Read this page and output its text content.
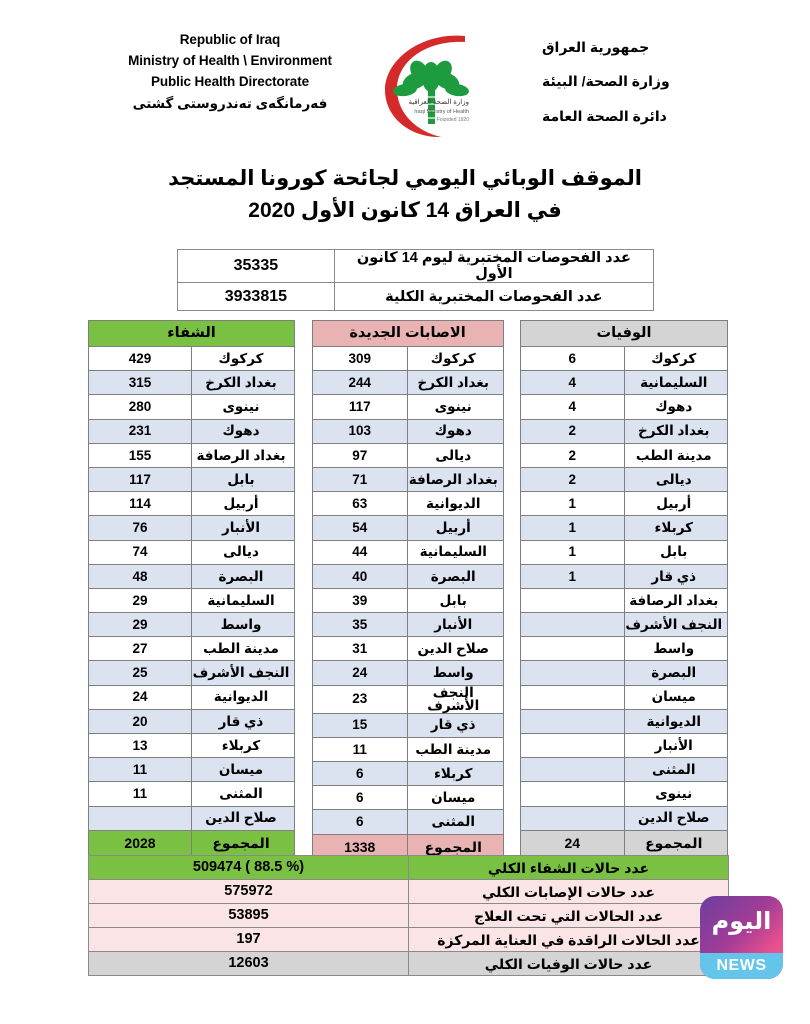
جمهورية العراق
وزارة الصحة/ البيئة
دائرة الصحة العامة
وزارة الصحة العراقية
Iraqi Ministry of Health
Founded 1920
Republic of Iraq
Ministry of Health \ Environment
Public Health Directorate
فه‌رمانگه‌ی ته‌ندروستی گشتی
الموقف الوبائي اليومي لجائحة كورونا المستجد
في العراق 14 كانون الأول 2020
عدد الفحوصات المختبرية ليوم 14 كانون الأول	35335
عدد الفحوصات المختبرية الكلية	3933815
الشفاء	
كركوك	429
بغداد الكرخ	315
نينوى	280
دهوك	231
بغداد الرصافة	155
بابل	117
أربيل	114
الأنبار	76
ديالى	74
البصرة	48
السليمانية	29
واسط	29
مدينة الطب	27
النجف الأشرف	25
الديوانية	24
ذي قار	20
كربلاء	13
ميسان	11
المثنى	11
صلاح الدين	
المجموع	2028
الاصابات الجديدة	
كركوك	309
بغداد الكرخ	244
نينوى	117
دهوك	103
ديالى	97
بغداد الرصافة	71
الديوانية	63
أربيل	54
السليمانية	44
البصرة	40
بابل	39
الأنبار	35
صلاح الدين	31
واسط	24
النجف الأشرف	23
ذي قار	15
مدينة الطب	11
كربلاء	6
ميسان	6
المثنى	6
المجموع	1338
الوفيات	
كركوك	6
السليمانية	4
دهوك	4
بغداد الكرخ	2
مدينة الطب	2
ديالى	2
أربيل	1
كربلاء	1
بابل	1
ذي قار	1
بغداد الرصافة	
النجف الأشرف	
واسط	
البصرة	
ميسان	
الديوانية	
الأنبار	
المثنى	
نينوى	
صلاح الدين	
المجموع	24
عدد حالات الشفاء الكلي	509474 ( 88.5 %)
عدد حالات الإصابات الكلي	575972
عدد الحالات التي تحت العلاج	53895
عدد الحالات الراقدة في العناية المركزة	197
عدد حالات الوفيات الكلي	12603
الیوم
NEWS
